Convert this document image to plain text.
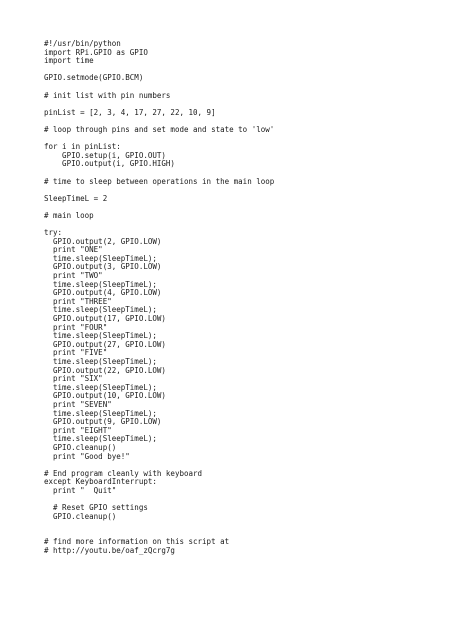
#!/usr/bin/python
import RPi.GPIO as GPIO
import time
GPIO.setmode(GPIO.BCM)
# init list with pin numbers
pinList = [2, 3, 4, 17, 27, 22, 10, 9]
# loop through pins and set mode and state to 'low'
for i in pinList:
GPIO.setup(i, GPIO.OUT)
GPIO.output(i, GPIO.HIGH)
# time to sleep between operations in the main loop
SleepTimeL = 2
# main loop
try:
GPIO.output(2, GPIO.LOW)
print "ONE"
time.sleep(SleepTimeL);
GPIO.output(3, GPIO.LOW)
print "TWO"
time.sleep(SleepTimeL);
GPIO.output(4, GPIO.LOW)
print "THREE"
time.sleep(SleepTimeL);
GPIO.output(17, GPIO.LOW)
print "FOUR"
time.sleep(SleepTimeL);
GPIO.output(27, GPIO.LOW)
print "FIVE"
time.sleep(SleepTimeL);
GPIO.output(22, GPIO.LOW)
print "SIX"
time.sleep(SleepTimeL);
GPIO.output(10, GPIO.LOW)
print "SEVEN"
time.sleep(SleepTimeL);
GPIO.output(9, GPIO.LOW)
print "EIGHT"
time.sleep(SleepTimeL);
GPIO.cleanup()
print "Good bye!"
# End program cleanly with keyboard
except KeyboardInterrupt:
print "  Quit"
# Reset GPIO settings
GPIO.cleanup()
# find more information on this script at
# http://youtu.be/oaf_zQcrg7g
